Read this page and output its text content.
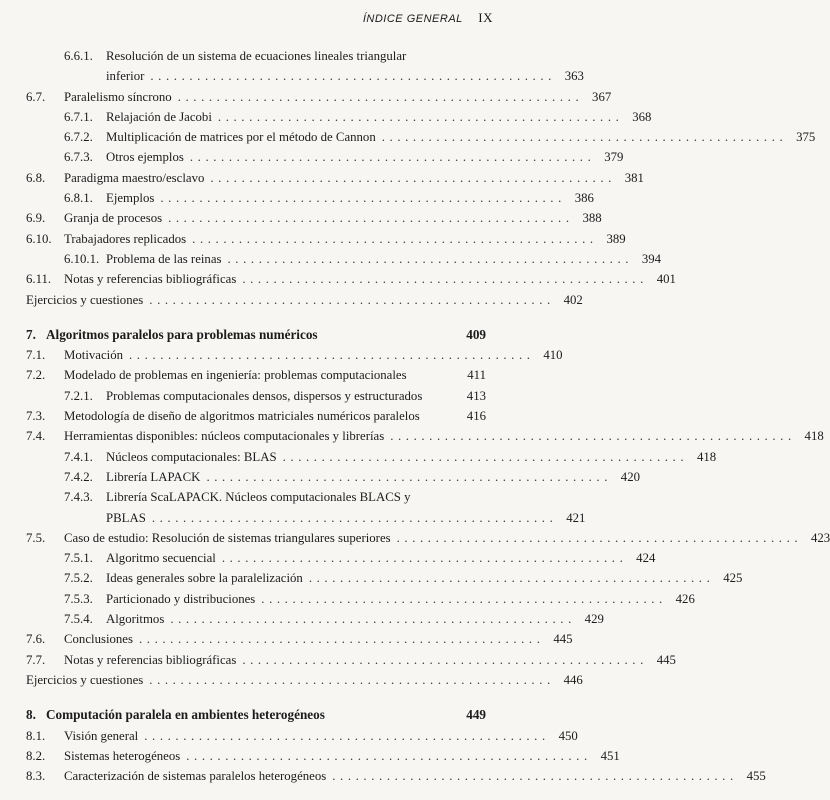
ÍNDICE GENERAL IX
6.6.1.	Resolución de un sistema de ecuaciones lineales triangular
inferior .................................................... 363
6.7.	Paralelismo síncrono .................................................... 367
6.7.1.	Relajación de Jacobi .................................................... 368
6.7.2.	Multiplicación de matrices por el método de Cannon .................................................... 375
6.7.3.	Otros ejemplos .................................................... 379
6.8.	Paradigma maestro/esclavo .................................................... 381
6.8.1.	Ejemplos .................................................... 386
6.9.	Granja de procesos .................................................... 388
6.10. Trabajadores replicados .................................................... 389
6.10.1. Problema de las reinas .................................................... 394
6.11.	Notas y referencias bibliográficas .................................................... 401
Ejercicios y cuestiones .................................................... 402
7. Algoritmos paralelos para problemas numéricos	409
7.1.	Motivación .................................................... 410
7.2.	Modelado de problemas en ingeniería: problemas computacionales	411
7.2.1.	Problemas computacionales densos, dispersos y estructurados	413
7.3.	Metodología de diseño de algoritmos matriciales numéricos paralelos	416
7.4.	Herramientas disponibles: núcleos computacionales y librerías .................................................... 418
7.4.1.	Núcleos computacionales: BLAS .................................................... 418
7.4.2.	Librería LAPACK .................................................... 420
7.4.3.	Librería ScaLAPACK. Núcleos computacionales BLACS y
PBLAS .................................................... 421
7.5.	Caso de estudio: Resolución de sistemas triangulares superiores .................................................... 423
7.5.1.	Algoritmo secuencial .................................................... 424
7.5.2.	Ideas generales sobre la paralelización .................................................... 425
7.5.3.	Particionado y distribuciones .................................................... 426
7.5.4.	Algoritmos .................................................... 429
7.6.	Conclusiones .................................................... 445
7.7.	Notas y referencias bibliográficas .................................................... 445
Ejercicios y cuestiones .................................................... 446
8. Computación paralela en ambientes heterogéneos	449
8.1.	Visión general .................................................... 450
8.2.	Sistemas heterogéneos .................................................... 451
8.3.	Caracterización de sistemas paralelos heterogéneos .................................................... 455
